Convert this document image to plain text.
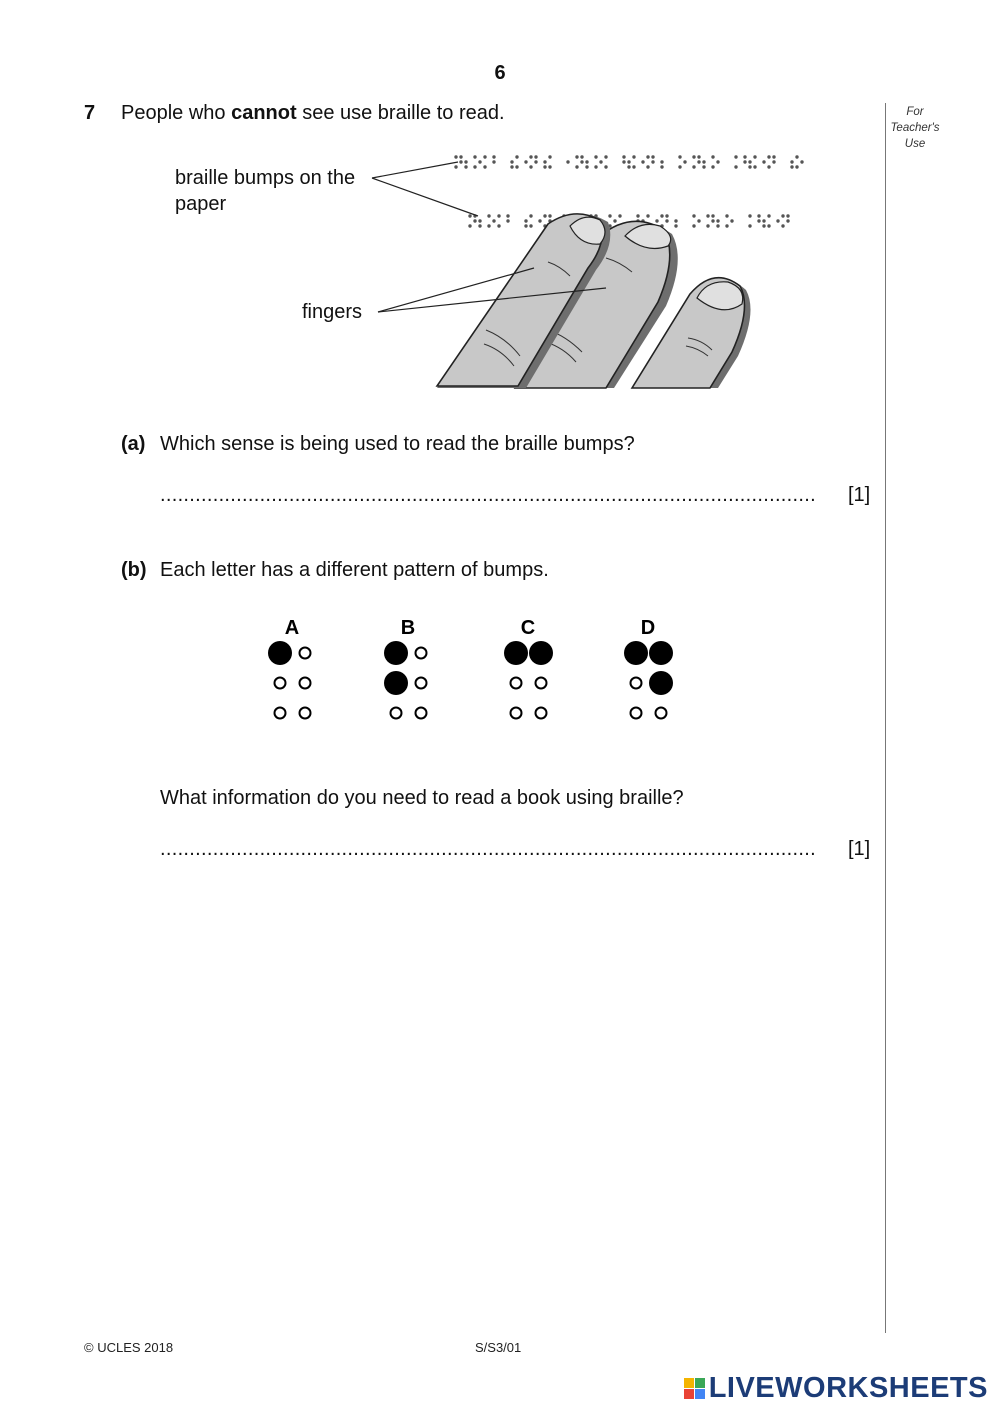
6
7 People who cannot see use braille to read.	For
Teacher's
Use
braille bumps on the
paper
fingers
(a) Which sense is being used to read the braille bumps?
................................................................................................................	[1]
(b) Each letter has a different pattern of bumps.
A	B	C	D
What information do you need to read a book using braille?
................................................................................................................	[1]
© UCLES 2018	S/S3/01
LIVEWORKSHEETS
